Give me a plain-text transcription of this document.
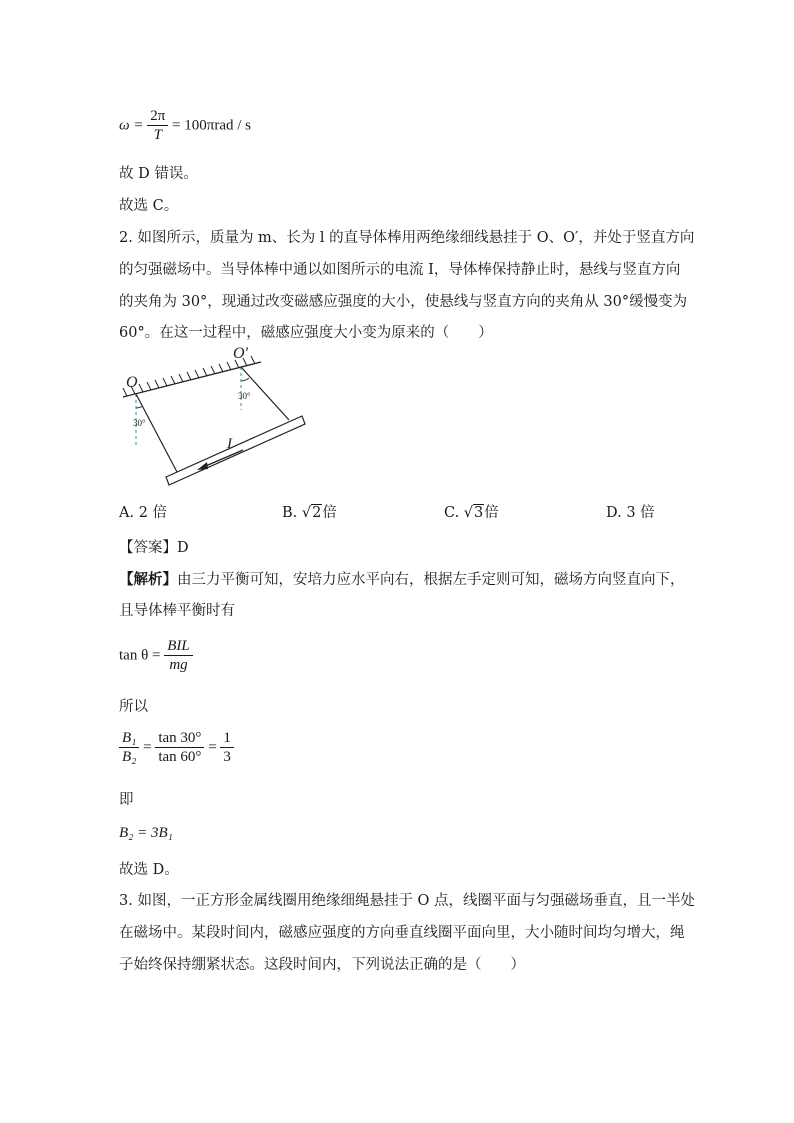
$\omega = \frac{2\pi}{T} = 100\pi rad / s$
故 D 错误。
故选 C。
2. 如图所示，质量为 m、长为 l 的直导体棒用两绝缘细线悬挂于 O、O′，并处于竖直方向
的匀强磁场中。当导体棒中通以如图所示的电流 I，导体棒保持静止时，悬线与竖直方向
的夹角为 30°，现通过改变磁感应强度的大小，使悬线与竖直方向的夹角从 30°缓慢变为
60°。在这一过程中，磁感应强度大小变为原来的（　　）
O
O′
30°
30°
I
A. 2 倍	B. √2倍	C. √3倍	D. 3 倍
【答案】D
【解析】由三力平衡可知，安培力应水平向右，根据左手定则可知，磁场方向竖直向下，
且导体棒平衡时有
$\tan \theta = \frac{\text{BIL}}{mg}$
所以
$\frac{\text{B₁}}{\text{B₂}} = \frac{\tan 30^\circ}{\tan 60^\circ} = \frac{1}{3}$
即
B₂ = 3B₁
故选 D。
3. 如图，一正方形金属线圈用绝缘细绳悬挂于 O 点，线圈平面与匀强磁场垂直，且一半处
在磁场中。某段时间内，磁感应强度的方向垂直线圈平面向里，大小随时间均匀增大，绳
子始终保持绷紧状态。这段时间内，下列说法正确的是（　　）
